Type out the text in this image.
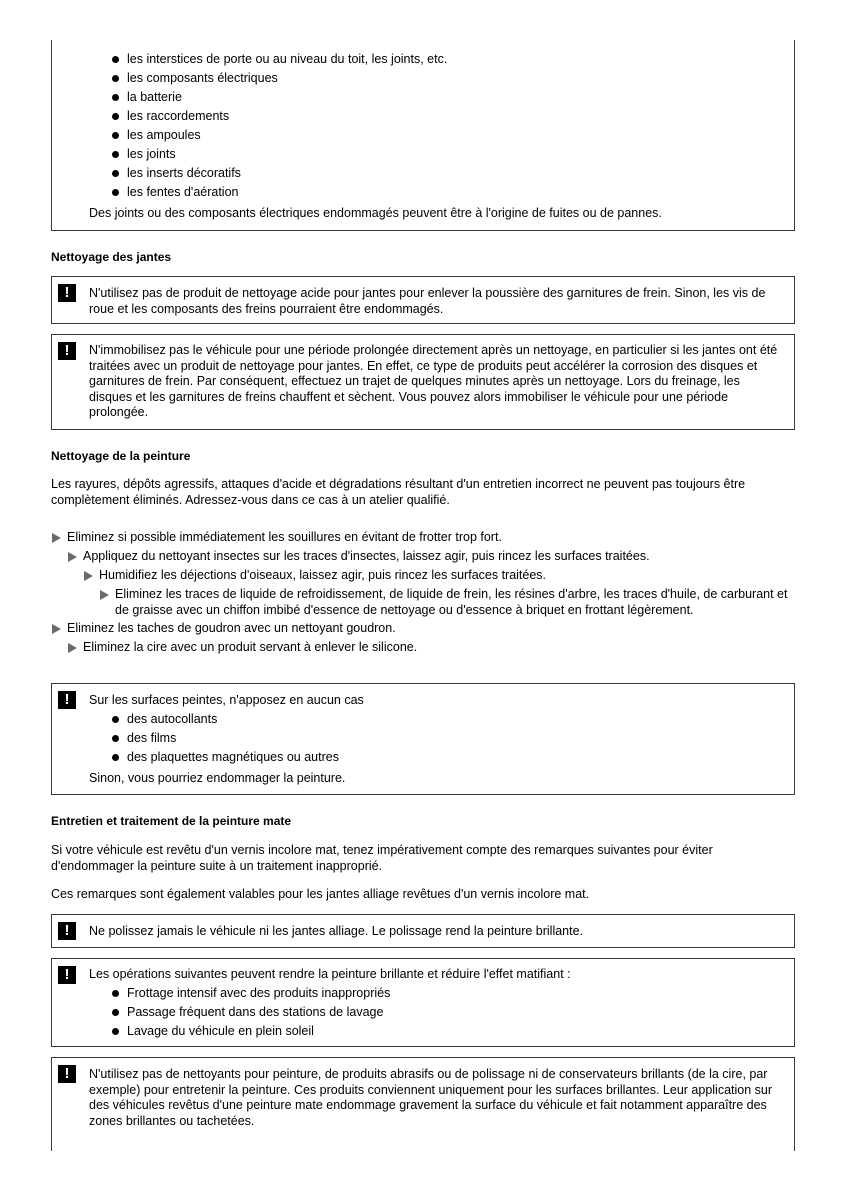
les interstices de porte ou au niveau du toit, les joints, etc.
les composants électriques
la batterie
les raccordements
les ampoules
les joints
les inserts décoratifs
les fentes d'aération
Des joints ou des composants électriques endommagés peuvent être à l'origine de fuites ou de pannes.
Nettoyage des jantes
!	N'utilisez pas de produit de nettoyage acide pour jantes pour enlever la poussière des garnitures de frein. Sinon, les vis de roue et les composants des freins pourraient être endommagés.
!	N'immobilisez pas le véhicule pour une période prolongée directement après un nettoyage, en particulier si les jantes ont été traitées avec un produit de nettoyage pour jantes. En effet, ce type de produits peut accélérer la corrosion des disques et garnitures de frein. Par conséquent, effectuez un trajet de quelques minutes après un nettoyage. Lors du freinage, les disques et les garnitures de freins chauffent et sèchent. Vous pouvez alors immobiliser le véhicule pour une période prolongée.
Nettoyage de la peinture
Les rayures, dépôts agressifs, attaques d'acide et dégradations résultant d'un entretien incorrect ne peuvent pas toujours être complètement éliminés. Adressez-vous dans ce cas à un atelier qualifié.
Eliminez si possible immédiatement les souillures en évitant de frotter trop fort.
Appliquez du nettoyant insectes sur les traces d'insectes, laissez agir, puis rincez les surfaces traitées.
Humidifiez les déjections d'oiseaux, laissez agir, puis rincez les surfaces traitées.
Eliminez les traces de liquide de refroidissement, de liquide de frein, les résines d'arbre, les traces d'huile, de carburant et de graisse avec un chiffon imbibé d'essence de nettoyage ou d'essence à briquet en frottant légèrement.
Eliminez les taches de goudron avec un nettoyant goudron.
Eliminez la cire avec un produit servant à enlever le silicone.
!	Sur les surfaces peintes, n'apposez en aucun cas
des autocollants
des films
des plaquettes magnétiques ou autres
Sinon, vous pourriez endommager la peinture.
Entretien et traitement de la peinture mate
Si votre véhicule est revêtu d'un vernis incolore mat, tenez impérativement compte des remarques suivantes pour éviter d'endommager la peinture suite à un traitement inapproprié.
Ces remarques sont également valables pour les jantes alliage revêtues d'un vernis incolore mat.
!	Ne polissez jamais le véhicule ni les jantes alliage. Le polissage rend la peinture brillante.
!	Les opérations suivantes peuvent rendre la peinture brillante et réduire l'effet matifiant :
Frottage intensif avec des produits inappropriés
Passage fréquent dans des stations de lavage
Lavage du véhicule en plein soleil
!	N'utilisez pas de nettoyants pour peinture, de produits abrasifs ou de polissage ni de conservateurs brillants (de la cire, par exemple) pour entretenir la peinture. Ces produits conviennent uniquement pour les surfaces brillantes. Leur application sur des véhicules revêtus d'une peinture mate endommage gravement la surface du véhicule et fait notamment apparaître des zones brillantes ou tachetées.
